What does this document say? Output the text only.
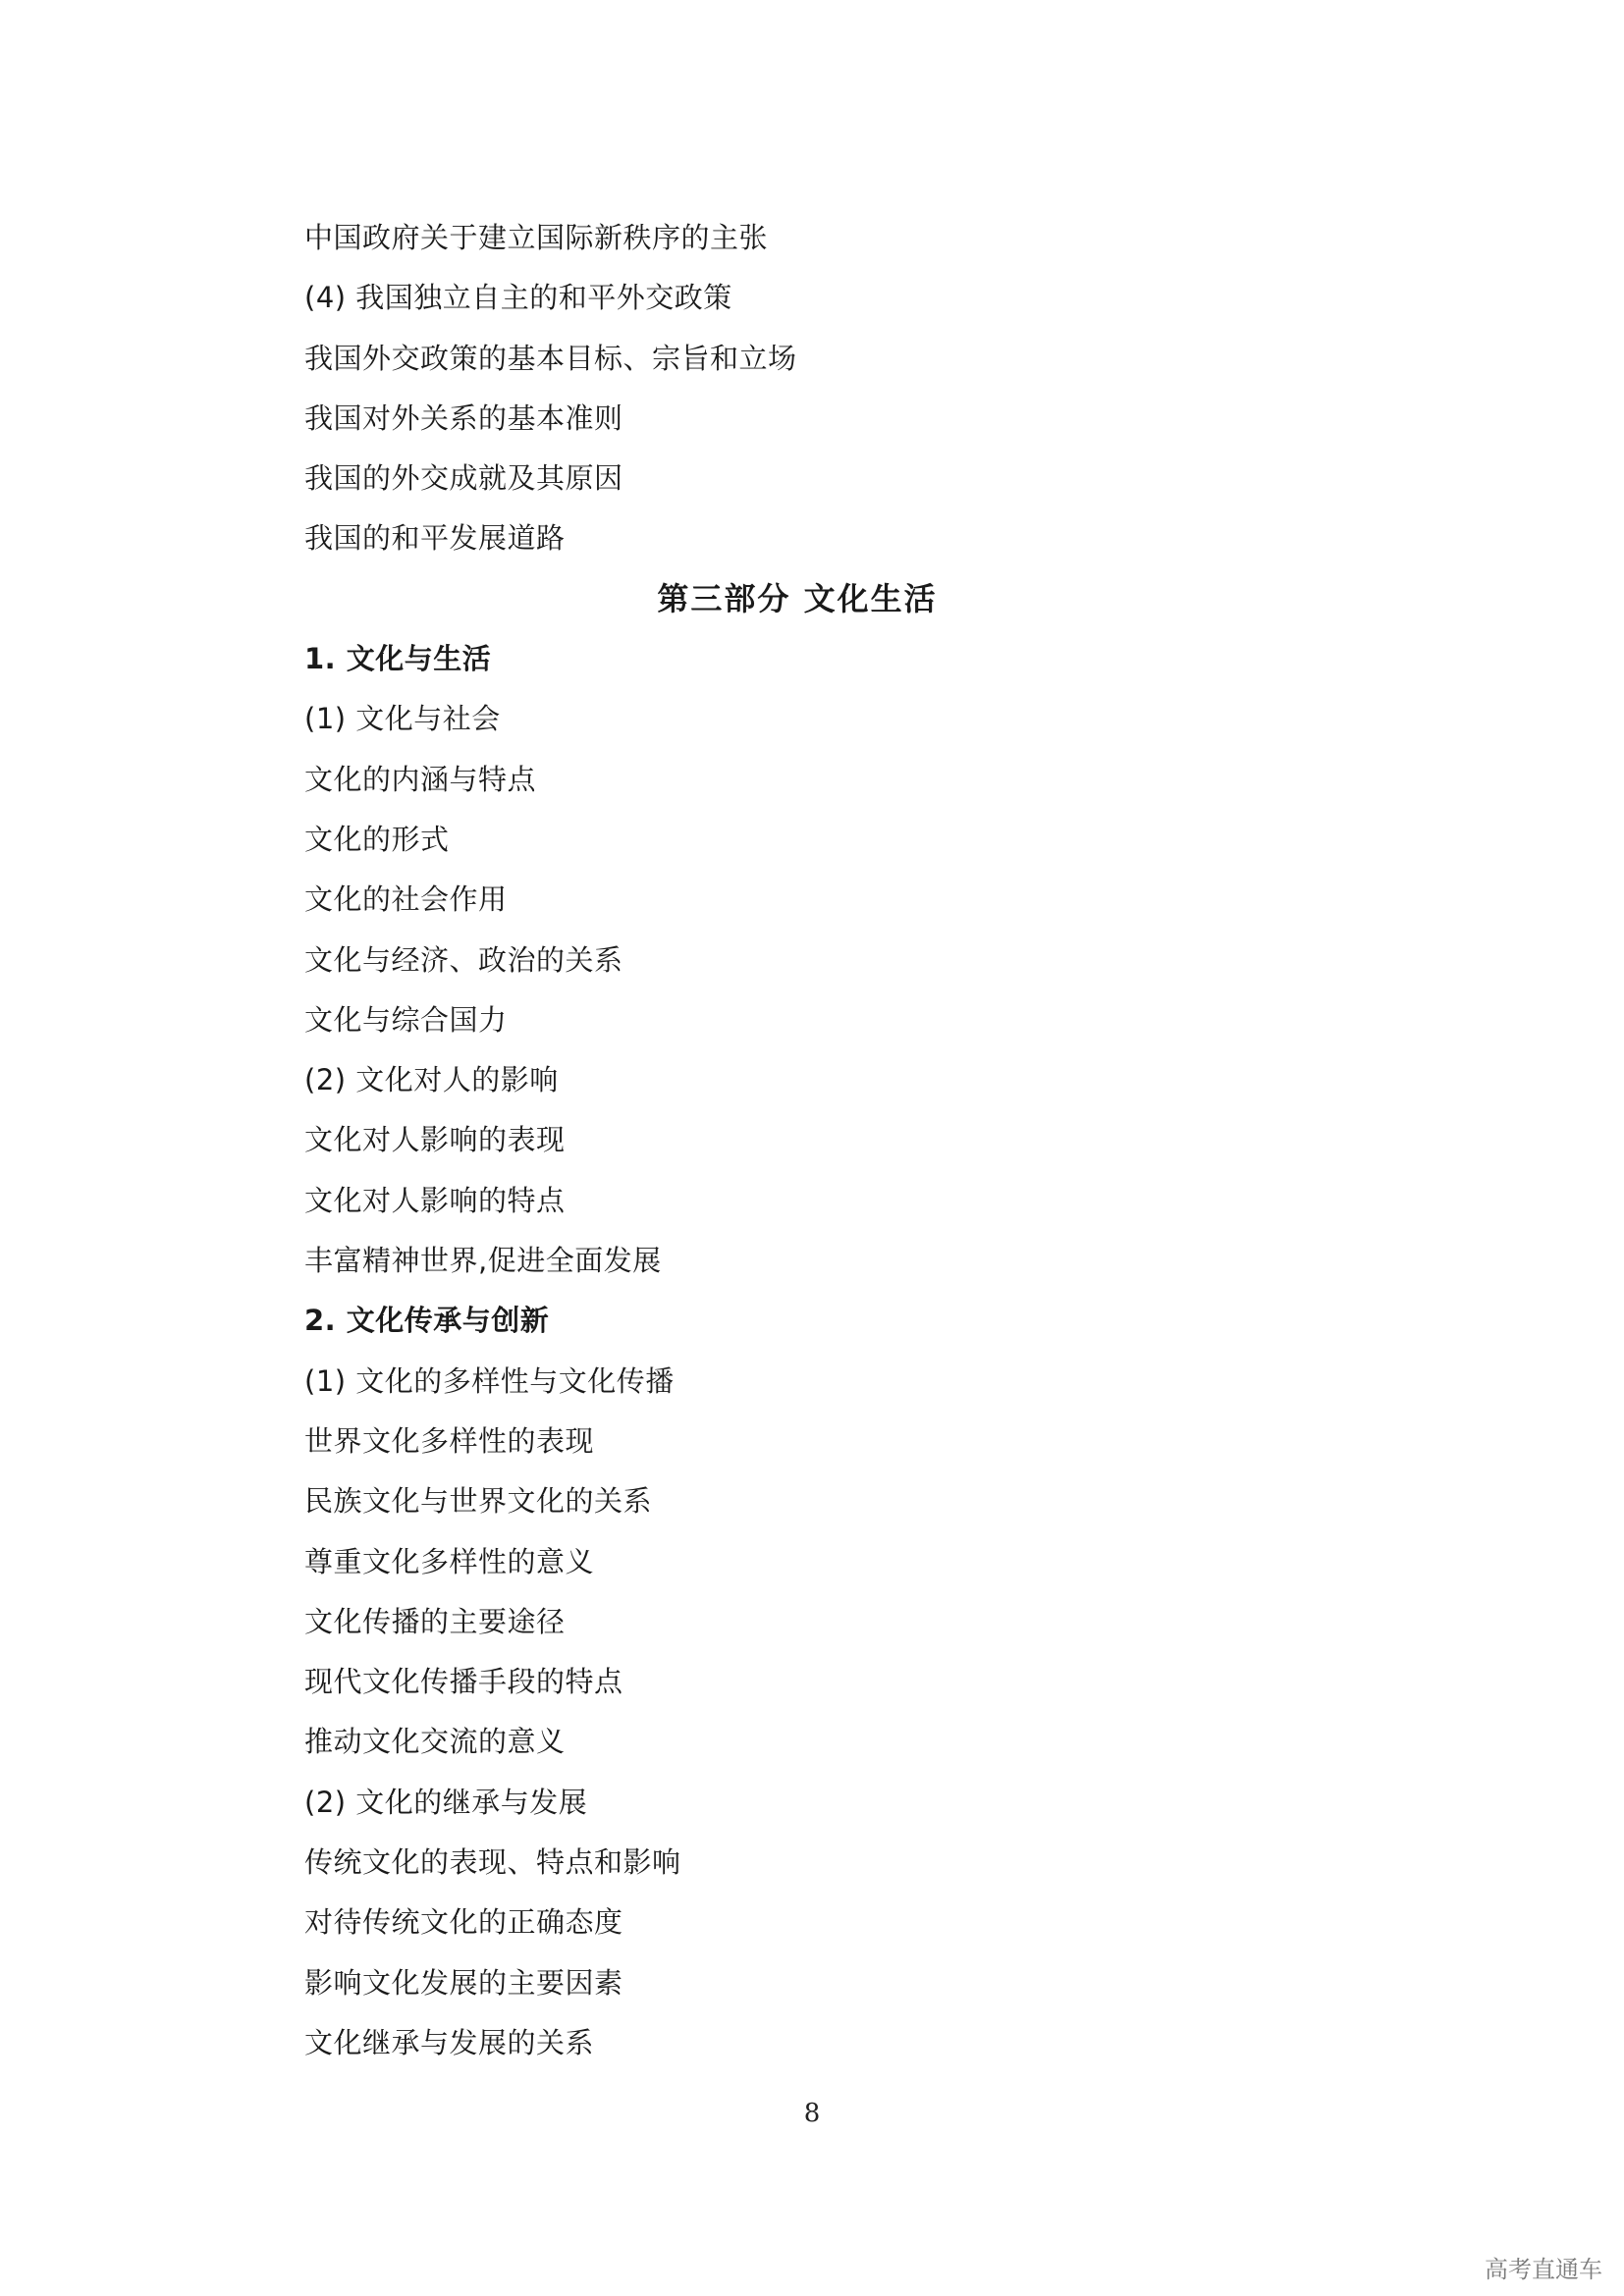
中国政府关于建立国际新秩序的主张
(4) 我国独立自主的和平外交政策
我国外交政策的基本目标、宗旨和立场
我国对外关系的基本准则
我国的外交成就及其原因
我国的和平发展道路
第三部分 文化生活
1. 文化与生活
(1) 文化与社会
文化的内涵与特点
文化的形式
文化的社会作用
文化与经济、政治的关系
文化与综合国力
(2) 文化对人的影响
文化对人影响的表现
文化对人影响的特点
丰富精神世界,促进全面发展
2. 文化传承与创新
(1) 文化的多样性与文化传播
世界文化多样性的表现
民族文化与世界文化的关系
尊重文化多样性的意义
文化传播的主要途径
现代文化传播手段的特点
推动文化交流的意义
(2) 文化的继承与发展
传统文化的表现、特点和影响
对待传统文化的正确态度
影响文化发展的主要因素
文化继承与发展的关系
8
高考直通车
